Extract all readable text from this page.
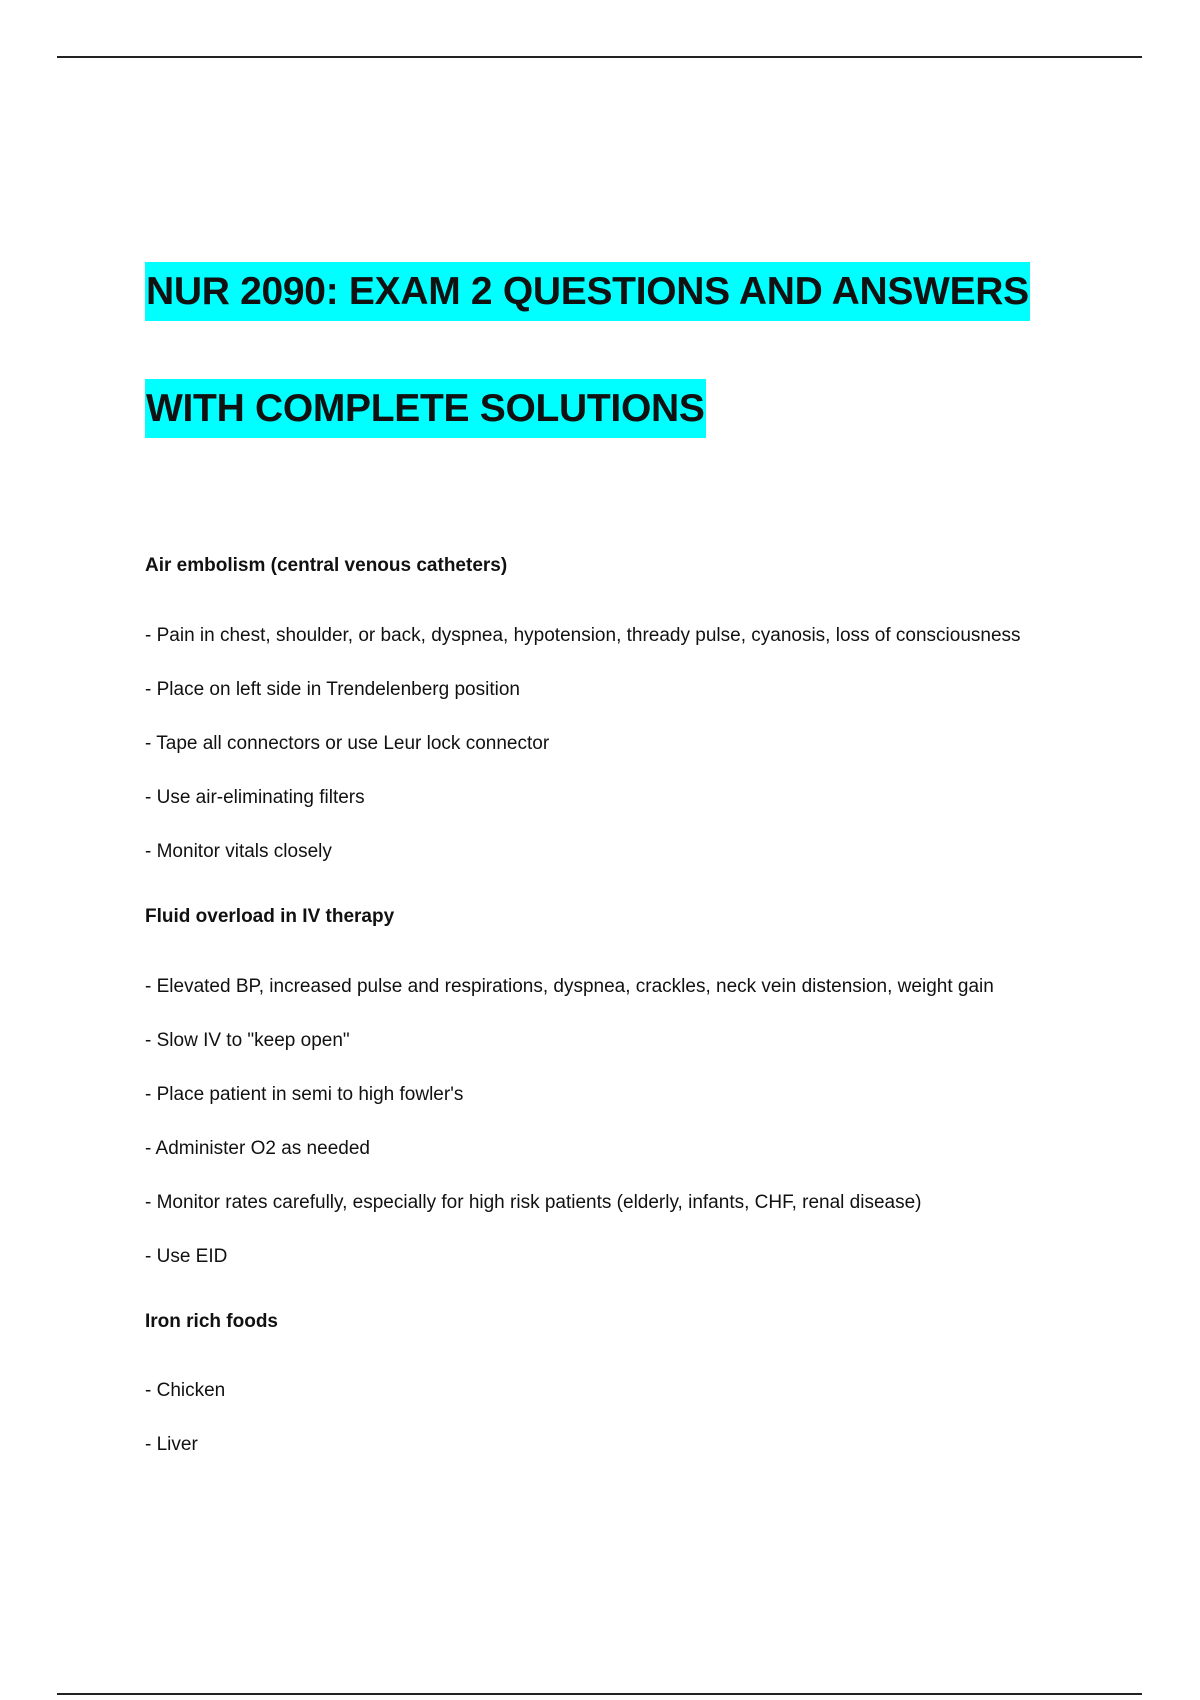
NUR 2090: EXAM 2 QUESTIONS AND ANSWERS
WITH COMPLETE SOLUTIONS
Air embolism (central venous catheters)
- Pain in chest, shoulder, or back, dyspnea, hypotension, thready pulse, cyanosis, loss of consciousness
- Place on left side in Trendelenberg position
- Tape all connectors or use Leur lock connector
- Use air-eliminating filters
- Monitor vitals closely
Fluid overload in IV therapy
- Elevated BP, increased pulse and respirations, dyspnea, crackles, neck vein distension, weight gain
- Slow IV to "keep open"
- Place patient in semi to high fowler's
- Administer O2 as needed
- Monitor rates carefully, especially for high risk patients (elderly, infants, CHF, renal disease)
- Use EID
Iron rich foods
- Chicken
- Liver
